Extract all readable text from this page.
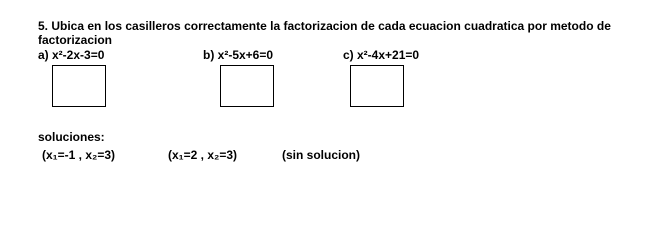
5. Ubica en los casilleros correctamente la factorizacion de cada ecuacion cuadratica por metodo de
factorizacion
a) x²-2x-3=0	b) x²-5x+6=0	c) x²-4x+21=0
soluciones:
(x₁=-1 , x₂=3)	(x₁=2 , x₂=3)	(sin solucion)
